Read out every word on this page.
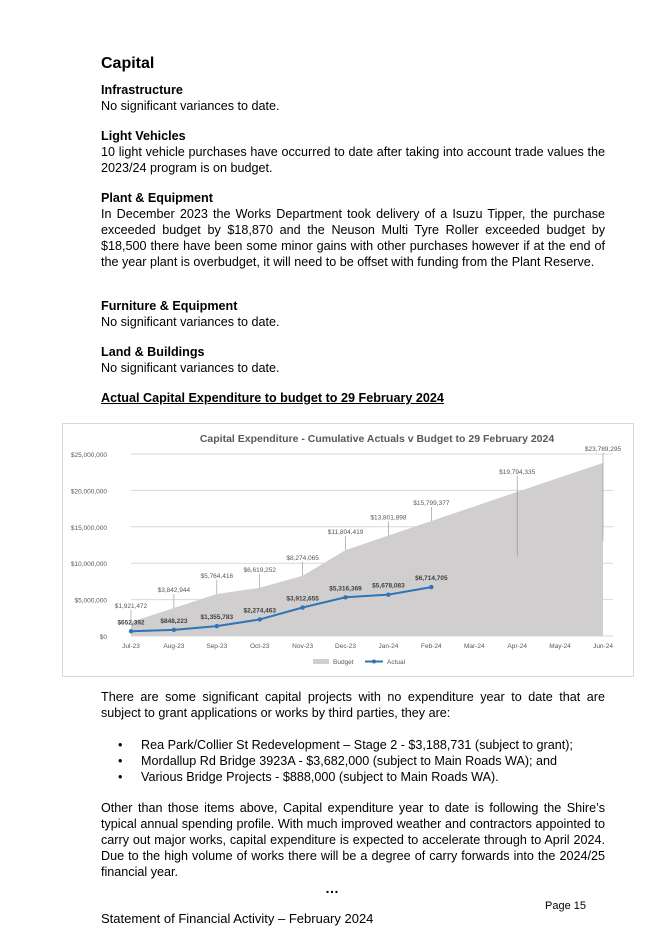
Capital

Infrastructure

No significant variances to date.

Light Vehicles

10 light vehicle purchases have occurred to date after taking into account trade values the 2023/24 program is on budget.

Plant & Equipment

In December 2023 the Works Department took delivery of a Isuzu Tipper, the purchase exceeded budget by $18,870 and the Neuson Multi Tyre Roller exceeded budget by $18,500 there have been some minor gains with other purchases however if at the end of the year plant is overbudget, it will need to be offset with funding from the Plant Reserve.

Furniture & Equipment

No significant variances to date.

Land & Buildings

No significant variances to date.

Actual Capital Expenditure to budget to 29 February 2024

There are some significant capital projects with no expenditure year to date that are subject to grant applications or works by third parties, they are:
• Rea Park/Collier St Redevelopment – Stage 2 - $3,188,731 (subject to grant);
• Mordallup Rd Bridge 3923A - $3,682,000 (subject to Main Roads WA); and
• Various Bridge Projects - $888,000 (subject to Main Roads WA).
Other than those items above, Capital expenditure year to date is following the Shire’s typical annual spending profile. With much improved weather and contractors appointed to carry out major works, capital expenditure is expected to accelerate through to April 2024. Due to the high volume of works there will be a degree of carry forwards into the 2024/25 financial year.
Capital Expenditure - Cumulative Actuals v Budget to 29 February 2024
$0
$5,000,000
$10,000,000
$15,000,000
$20,000,000
$25,000,000
$1,921,472
$3,842,944
$5,764,416
$6,619,252
$8,274,065
$11,804,419
$13,801,898
$15,799,377
$19,794,335
$23,789,295
$652,392 $848,223
$1,355,783
$2,274,463
$3,912,655
$5,316,369 $5,678,083
$6,714,705
Jul-23	Aug-23	Sep-23	Oct-23	Nov-23	Dec-23	Jan-24	Feb-24	Mar-24	Apr-24	May-24	Jun-24
Budget	Actual
…
Page 15
Statement of Financial Activity – February 2024
